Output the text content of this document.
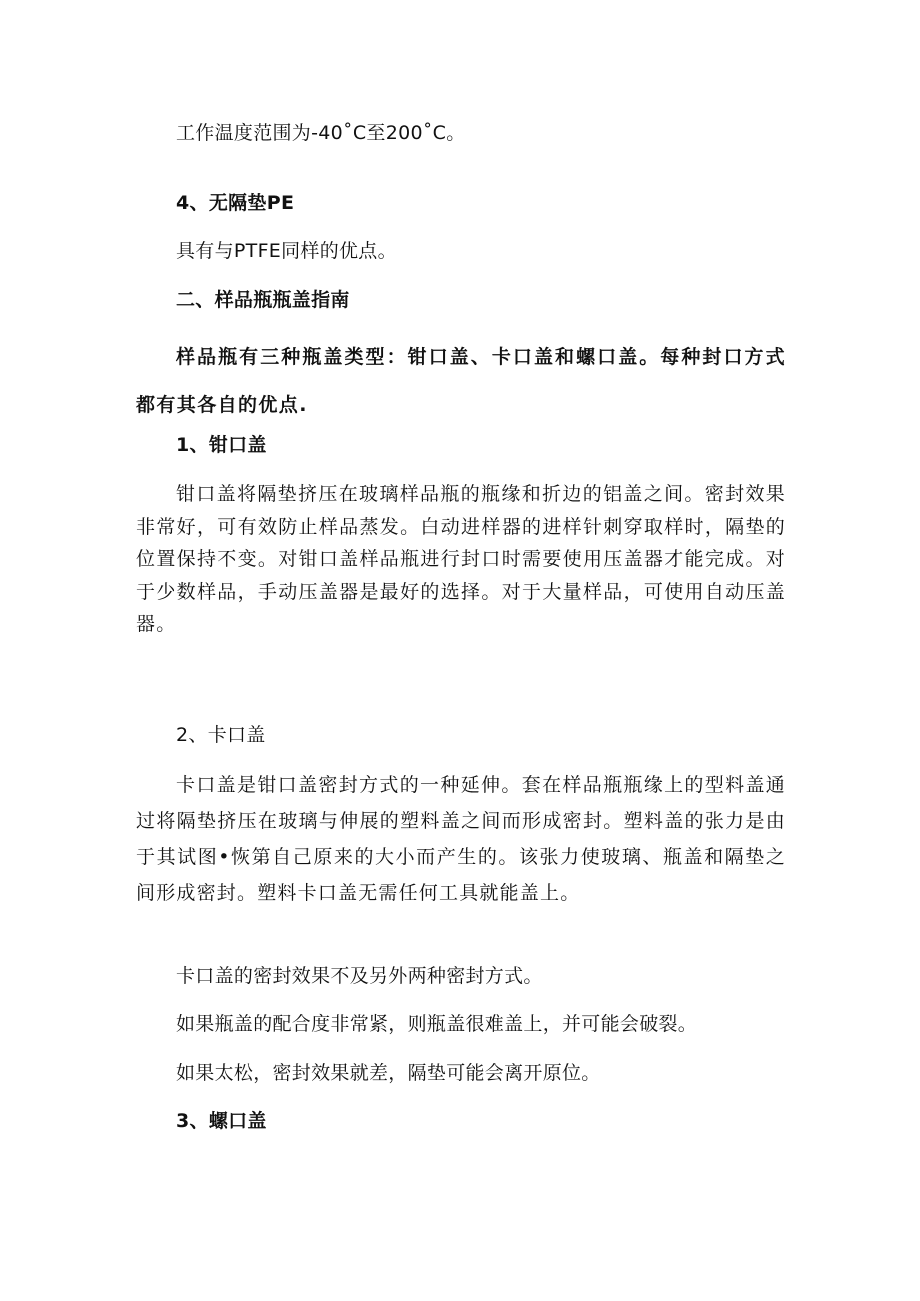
工作温度范围为-40˚C至200˚C。
4、无隔垫PE
具有与PTFE同样的优点。
二、样品瓶瓶盖指南
样品瓶有三种瓶盖类型：钳口盖、卡口盖和螺口盖。每种封口方式都有其各自的优点.
1、钳口盖
钳口盖将隔垫挤压在玻璃样品瓶的瓶缘和折边的铝盖之间。密封效果非常好，可有效防止样品蒸发。白动进样器的进样针刺穿取样时，隔垫的位置保持不变。对钳口盖样品瓶进行封口时需要使用压盖器才能完成。对于少数样品，手动压盖器是最好的选择。对于大量样品，可使用自动压盖器。
2、卡口盖
卡口盖是钳口盖密封方式的一种延伸。套在样品瓶瓶缘上的型料盖通过将隔垫挤压在玻璃与伸展的塑料盖之间而形成密封。塑料盖的张力是由于其试图•恢第自己原来的大小而产生的。该张力使玻璃、瓶盖和隔垫之间形成密封。塑料卡口盖无需任何工具就能盖上。
卡口盖的密封效果不及另外两种密封方式。
如果瓶盖的配合度非常紧，则瓶盖很难盖上，并可能会破裂。
如果太松，密封效果就差，隔垫可能会离开原位。
3、螺口盖
